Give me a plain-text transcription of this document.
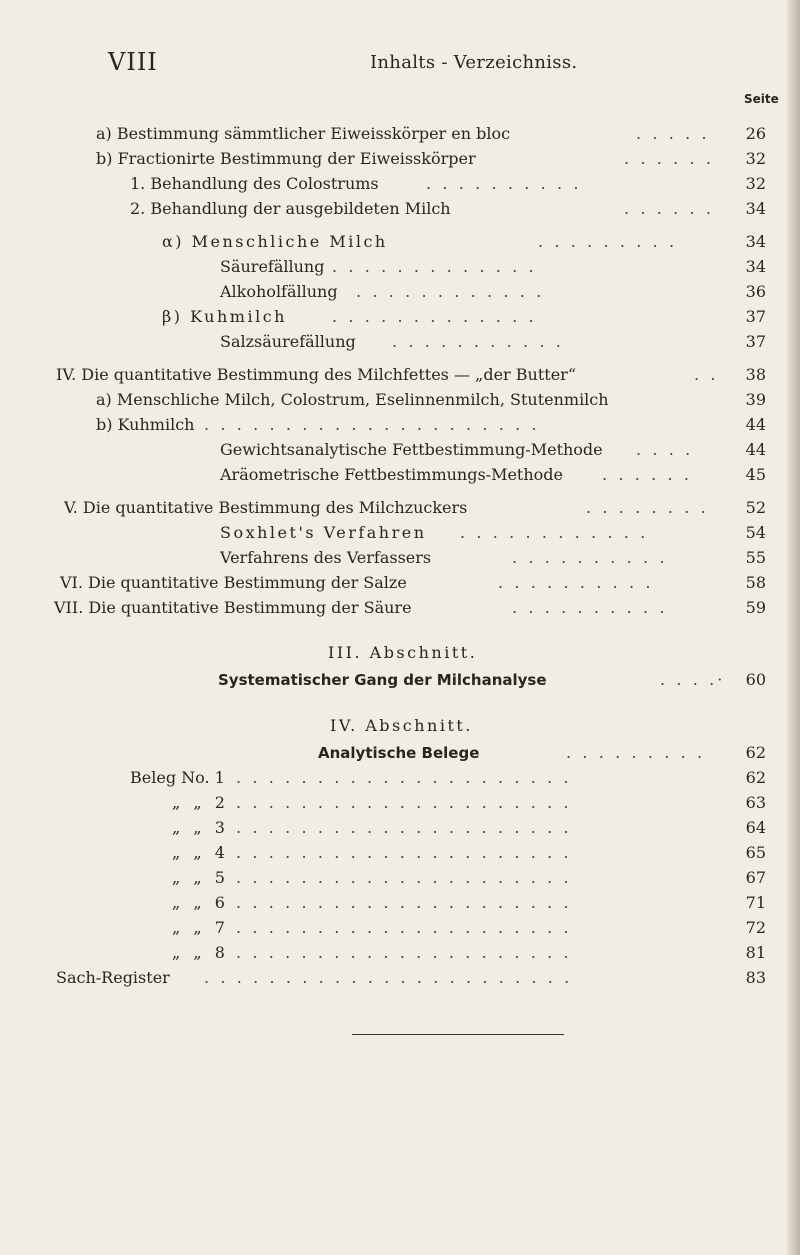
VIII	Inhalts - Verzeichniss.
Seite
a) Bestimmung sämmtlicher Eiweisskörper en bloc	. . . . .	26
b) Fractionirte Bestimmung der Eiweisskörper	. . . . . .	32
1. Behandlung des Colostrums	. . . . . . . . . .	32
2. Behandlung der ausgebildeten Milch	. . . . . .	34
α) Menschliche Milch	. . . . . . . . .	34
Säurefällung . . . . . . . . . . . . .	34
Alkoholfällung . . . . . . . . . . . .	36
β) Kuhmilch	. . . . . . . . . . . . .	37
Salzsäurefällung . . . . . . . . . . .	37
IV. Die quantitative Bestimmung des Milchfettes — „der Butter“	. .	38
a) Menschliche Milch, Colostrum, Eselinnenmilch, Stutenmilch	39
b) Kuhmilch . . . . . . . . . . . . . . . . . . . . .	44
Gewichtsanalytische Fettbestimmung-Methode . . . .	44
Aräometrische Fettbestimmungs-Methode . . . . . .	45
V. Die quantitative Bestimmung des Milchzuckers	. . . . . . . .	52
Soxhlet's Verfahren . . . . . . . . . . . .	54
Verfahrens des Verfassers	. . . . . . . . . .	55
VI. Die quantitative Bestimmung der Salze	. . . . . . . . . .	58
VII. Die quantitative Bestimmung der Säure	. . . . . . . . . .	59
III. Abschnitt.
Systematischer Gang der Milchanalyse	. . . .·	60
IV. Abschnitt.
Analytische Belege	. . . . . . . . .	62
Beleg No. 1 . . . . . . . . . . . . . . . . . . . . .	62
„ „ 2 . . . . . . . . . . . . . . . . . . . . .	63
„ „ 3 . . . . . . . . . . . . . . . . . . . . .	64
„ „ 4 . . . . . . . . . . . . . . . . . . . . .	65
„ „ 5 . . . . . . . . . . . . . . . . . . . . .	67
„ „ 6 . . . . . . . . . . . . . . . . . . . . .	71
„ „ 7 . . . . . . . . . . . . . . . . . . . . .	72
„ „ 8 . . . . . . . . . . . . . . . . . . . . .	81
Sach-Register . . . . . . . . . . . . . . . . . . . . . . .	83
